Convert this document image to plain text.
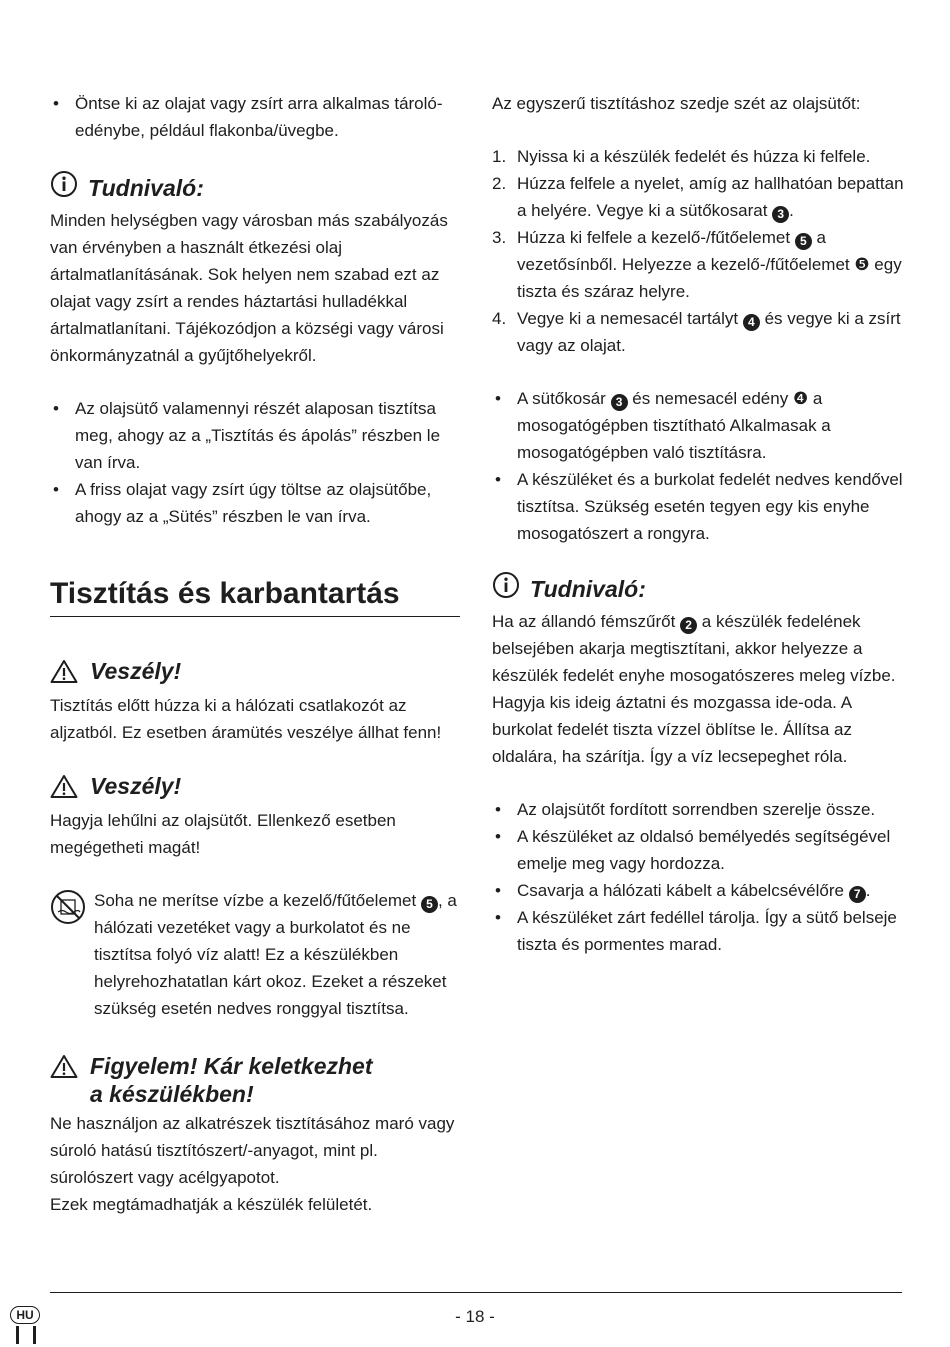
• Öntse ki az olajat vagy zsírt arra alkalmas tárolóedénybe, például flakonba/üvegbe.
Tudnivaló:

Minden helységben vagy városban más szabályozás van érvényben a használt étkezési olaj ártalmatlanításának. Sok helyen nem szabad ezt az olajat vagy zsírt a rendes háztartási hulladékkal ártalmatlanítani. Tájékozódjon a községi vagy városi önkormányzatnál a gyűjtőhelyekről.

• Az olajsütő valamennyi részét alaposan tisztítsa meg, ahogy az a „Tisztítás és ápolás” részben le van írva.
• A friss olajat vagy zsírt úgy töltse az olajsütőbe, ahogy az a „Sütés” részben le van írva.
Tisztítás és karbantartás
Veszély!

Tisztítás előtt húzza ki a hálózati csatlakozót az aljzatból. Ez esetben áramütés veszélye állhat fenn!

Veszély!

Hagyja lehűlni az olajsütőt. Ellenkező esetben megégetheti magát!

Soha ne merítse vízbe a kezelő/fűtőelemet 5 , a hálózati vezetéket vagy a burkolatot és ne tisztítsa folyó víz alatt! Ez a készülékben helyrehozhatatlan kárt okoz. Ezeket a részeket szükség esetén nedves ronggyal tisztítsa.

Figyelem! Kár keletkezhet
a készülékben!

Ne használjon az alkatrészek tisztításához maró vagy súroló hatású tisztítószert/-anyagot, mint pl. súrolószert vagy acélgyapotot.

Ezek megtámadhatják a készülék felületét.

Az egyszerű tisztításhoz szedje szét az olajsütőt:

1. Nyissa ki a készülék fedelét és húzza ki felfele.
2. Húzza felfele a nyelet, amíg az hallhatóan bepattan a helyére. Vegye ki a sütőkosarat 3 .
3. Húzza ki felfele a kezelő-/fűtőelemet 5 a vezetősínből. Helyezze a kezelő-/fűtőelemet ❺ egy tiszta és száraz helyre.
4. Vegye ki a nemesacél tartályt 4 és vegye ki a zsírt vagy az olajat.
• A sütőkosár 3 és nemesacél edény ❹ a mosogatógépben tisztítható Alkalmasak a mosogatógépben való tisztításra.
• A készüléket és a burkolat fedelét nedves kendővel tisztítsa. Szükség esetén tegyen egy kis enyhe mosogatószert a rongyra.
Tudnivaló:

Ha az állandó fémszűrőt 2 a készülék fedelének belsejében akarja megtisztítani, akkor helyezze a készülék fedelét enyhe mosogatószeres meleg vízbe. Hagyja kis ideig áztatni és mozgassa ide-oda. A burkolat fedelét tiszta vízzel öblítse le. Állítsa az oldalára, ha szárítja. Így a víz lecsepeghet róla.

• Az olajsütőt fordított sorrendben szerelje össze.
• A készüléket az oldalsó bemélyedés segítségével emelje meg vagy hordozza.
• Csavarja a hálózati kábelt a kábelcsévélőre 7 .
• A készüléket zárt fedéllel tárolja. Így a sütő belseje tiszta és pormentes marad.
HU	- 18 -
